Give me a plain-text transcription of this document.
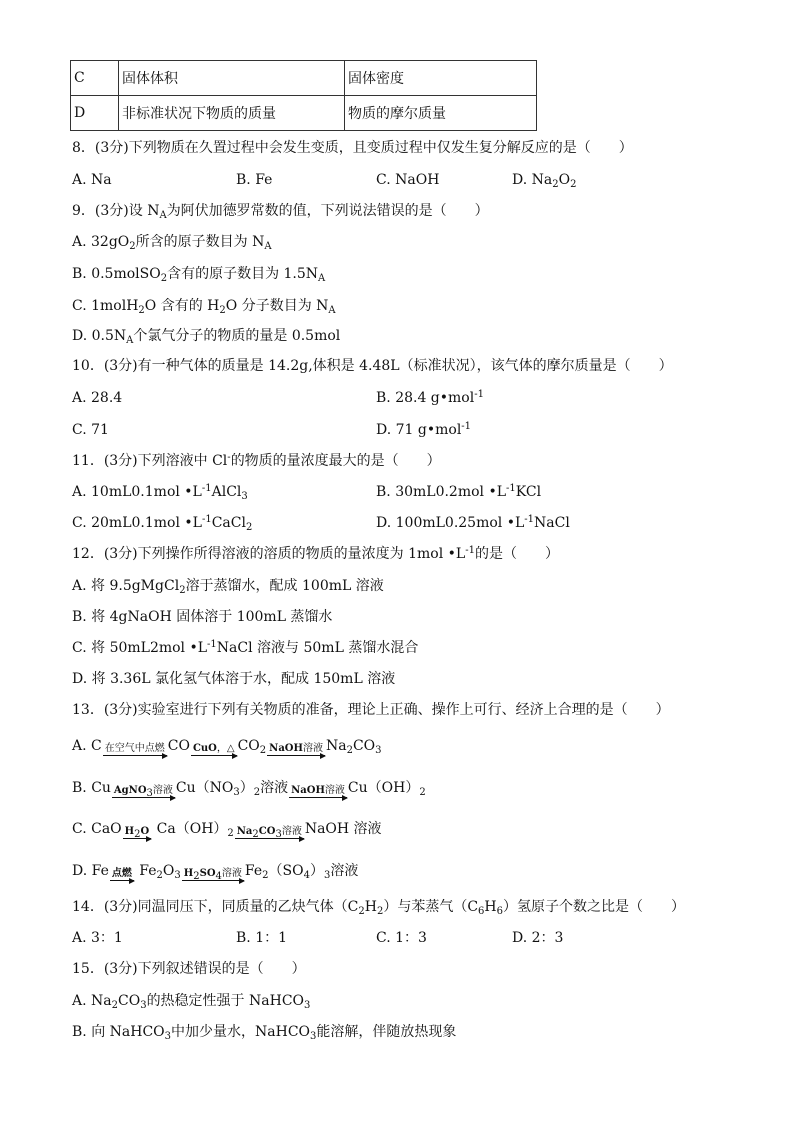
C	固体体积	固体密度
D	非标准状况下物质的质量	物质的摩尔质量
8．(3分)下列物质在久置过程中会发生变质，且变质过程中仅发生复分解反应的是（　　）
A. Na	B. Fe	C. NaOH	D. $Na_2O_2$
9．(3分)设 $N_A$为阿伏加德罗常数的值，下列说法错误的是（　　）
A. $32gO_2$所含的原子数目为 $N_A$
B. 0.5molSO$_2$含有的原子数目为 $1.5N_A$
C. 1molH$_2$O 含有的 $H_2O$ 分子数目为 $N_A$
D. $0.5N_A$个氯气分子的物质的量是 0.5mol
10．(3分)有一种气体的质量是 14.2g,体积是 4.48L（标准状况），该气体的摩尔质量是（　　）
A. 28.4	B. 28.4 g•mol$^{-1}$
C. 71	D. 71 g•mol$^{-1}$
11．(3分)下列溶液中 Cl-的物质的量浓度最大的是（　　）
A. 10mL0.1mol $•L^{-1}AlCl_3$	B. 30mL0.2mol $•L^{-1}KCl$
C. 20mL0.1mol $•L^{-1}CaCl_2$	D. 100mL0.25mol $•L^{-1}NaCl$
12．(3分)下列操作所得溶液的溶质的物质的量浓度为 1mol $•L^{-1}$的是（　　）
A. 将 9.5gMgCl$_2$溶于蒸馏水，配成 100mL 溶液
B. 将 4gNaOH 固体溶于 100mL 蒸馏水
C. 将 50mL2mol $•L^{-1}NaCl$ 溶液与 50mL 蒸馏水混合
D. 将 3.36L 氯化氢气体溶于水，配成 150mL 溶液
13．(3分)实验室进行下列有关物质的准备，理论上正确、操作上可行、经济上合理的是（　　）
A. C 在空气中点燃 CO CuO，△ $CO_2$ NaOH溶液 $Na_2CO_3$
B. Cu AgNO$_3$溶液 $Cu(NO_3)_2$溶液 NaOH溶液 $Cu(OH)_2$
C. CaO $H_2O$ $Ca(OH)_2$ $Na_2CO_3$溶液 NaOH 溶液
D. Fe 点燃 $Fe_2O_3$ $H_2SO_4$溶液 $Fe_2(SO_4)_3$溶液
14．(3分)同温同压下，同质量的乙炔气体$(C_2H_2)$与苯蒸气$(C_6H_6)$氢原子个数之比是（　　）
A. 3：1	B. 1：1	C. 1：3	D. 2：3
15．(3分)下列叙述错误的是（　　）
A. $Na_2CO_3$的热稳定性强于 NaHCO$_3$
B. 向 NaHCO$_3$中加少量水，NaHCO$_3$能溶解，伴随放热现象
